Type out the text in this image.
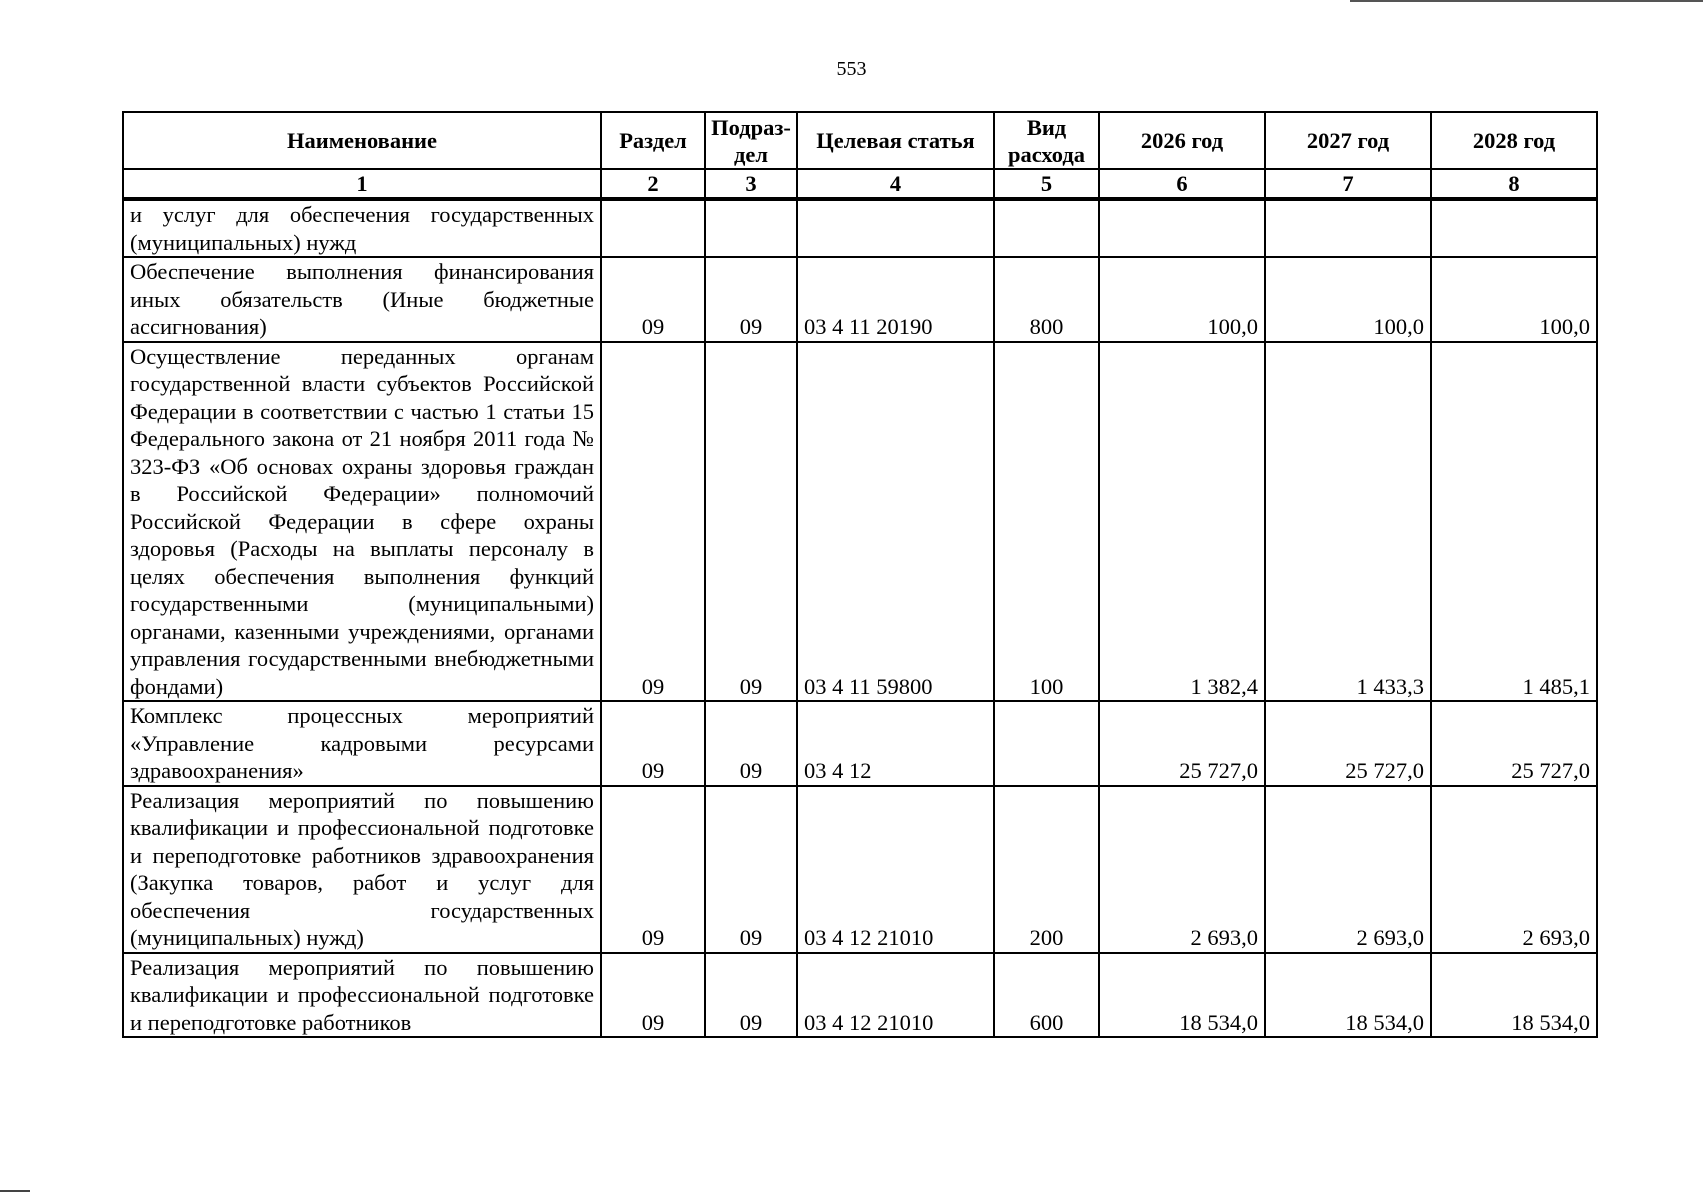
553
Наименование	Раздел	Подраз-дел	Целевая статья	Вид расхода	2026 год	2027 год	2028 год
1	2	3	4	5	6	7	8
и услуг для обеспечения государственных (муниципальных) нужд							
Обеспечение выполнения финансирования иных обязательств (Иные бюджетные ассигнования)	09	09	03 4 11 20190	800	100,0	100,0	100,0
Осуществление переданных органам государственной власти субъектов Российской Федерации в соответствии с частью 1 статьи 15 Федерального закона от 21 ноября 2011 года № 323-ФЗ «Об основах охраны здоровья граждан в Российской Федерации» полномочий Российской Федерации в сфере охраны здоровья (Расходы на выплаты персоналу в целях обеспечения выполнения функций государственными (муниципальными) органами, казенными учреждениями, органами управления государственными внебюджетными фондами)	09	09	03 4 11 59800	100	1 382,4	1 433,3	1 485,1
Комплекс процессных мероприятий «Управление кадровыми ресурсами здравоохранения»	09	09	03 4 12		25 727,0	25 727,0	25 727,0
Реализация мероприятий по повышению квалификации и профессиональной подготовке и переподготовке работников здравоохранения (Закупка товаров, работ и услуг для обеспечения государственных (муниципальных) нужд)	09	09	03 4 12 21010	200	2 693,0	2 693,0	2 693,0
Реализация мероприятий по повышению квалификации и профессиональной подготовке и переподготовке работников	09	09	03 4 12 21010	600	18 534,0	18 534,0	18 534,0
